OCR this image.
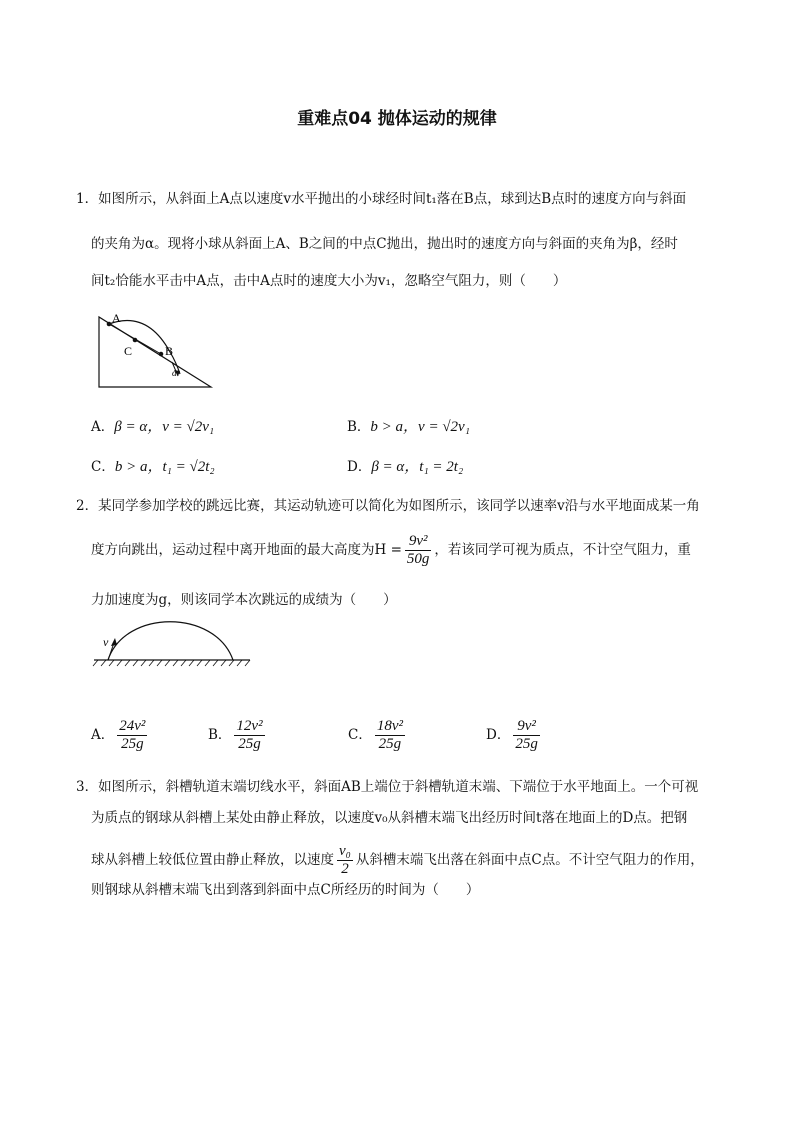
重难点04 抛体运动的规律
1．如图所示，从斜面上A点以速度v水平抛出的小球经时间t₁落在B点，球到达B点时的速度方向与斜面
的夹角为α。现将小球从斜面上A、B之间的中点C抛出，抛出时的速度方向与斜面的夹角为β，经时
间t₂恰能水平击中A点，击中A点时的速度大小为v₁，忽略空气阻力，则（　　）
A
C	B
α
A．β = α，v = √2v₁	B．b > a，v = √2v₁
C．b > a，t₁ = √2t₂	D．β = α，t₁ = 2t₂
2．某同学参加学校的跳远比赛，其运动轨迹可以简化为如图所示，该同学以速率v沿与水平地面成某一角
度方向跳出，运动过程中离开地面的最大高度为$H = \frac{\text{9v²}}{50g}$ ，若该同学可视为质点，不计空气阻力，重
力加速度为g，则该同学本次跳远的成绩为（　　）
v
A． $\frac{\text{24v²}}{25g}$	B． $\frac{\text{12v²}}{25g}$	C． $\frac{\text{18v²}}{25g}$	D． $\frac{\text{9v²}}{25g}$
3．如图所示，斜槽轨道末端切线水平，斜面AB上端位于斜槽轨道末端、下端位于水平地面上。一个可视
为质点的钢球从斜槽上某处由静止释放，以速度v₀从斜槽末端飞出经历时间t落在地面上的D点。把钢
球从斜槽上较低位置由静止释放，以速度 $\frac{\text{v₀}}{2}$ 从斜槽末端飞出落在斜面中点C点。不计空气阻力的作用，
则钢球从斜槽末端飞出到落到斜面中点C所经历的时间为（　　）
